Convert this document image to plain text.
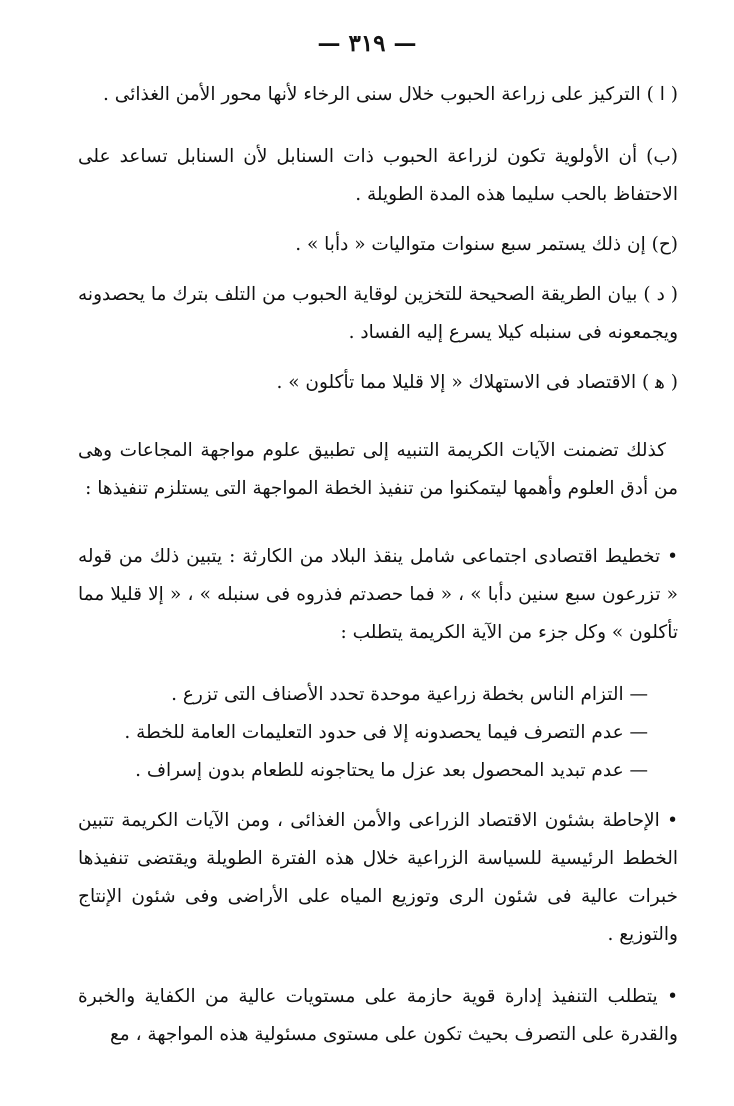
— ٣١٩ —

( ا ) التركيز على زراعة الحبوب خلال سنى الرخاء لأنها محور الأمن الغذائى .

(ب) أن الأولوية تكون لزراعة الحبوب ذات السنابل لأن السنابل تساعد على الاحتفاظ بالحب سليما هذه المدة الطويلة .

(ح) إن ذلك يستمر سبع سنوات متواليات « دأبا » .

( د ) بيان الطريقة الصحيحة للتخزين لوقاية الحبوب من التلف بترك ما يحصدونه ويجمعونه فى سنبله كيلا يسرع إليه الفساد .

( ﻫ ) الاقتصاد فى الاستهلاك « إلا قليلا مما تأكلون » .

كذلك تضمنت الآيات الكريمة التنبيه إلى تطبيق علوم مواجهة المجاعات وهى من أدق العلوم وأهمها ليتمكنوا من تنفيذ الخطة المواجهة التى يستلزم تنفيذها :

• تخطيط اقتصادى اجتماعى شامل ينقذ البلاد من الكارثة : يتبين ذلك من قوله « تزرعون سبع سنين دأبا » ، « فما حصدتم فذروه فى سنبله » ، « إلا قليلا مما تأكلون » وكل جزء من الآية الكريمة يتطلب :

— التزام الناس بخطة زراعية موحدة تحدد الأصناف التى تزرع .

— عدم التصرف فيما يحصدونه إلا فى حدود التعليمات العامة للخطة .

— عدم تبديد المحصول بعد عزل ما يحتاجونه للطعام بدون إسراف .

• الإحاطة بشئون الاقتصاد الزراعى والأمن الغذائى ، ومن الآيات الكريمة تتبين الخطط الرئيسية للسياسة الزراعية خلال هذه الفترة الطويلة ويقتضى تنفيذها خبرات عالية فى شئون الرى وتوزيع المياه على الأراضى وفى شئون الإنتاج والتوزيع .

• يتطلب التنفيذ إدارة قوية حازمة على مستويات عالية من الكفاية والخبرة والقدرة على التصرف بحيث تكون على مستوى مسئولية هذه المواجهة ، مع
